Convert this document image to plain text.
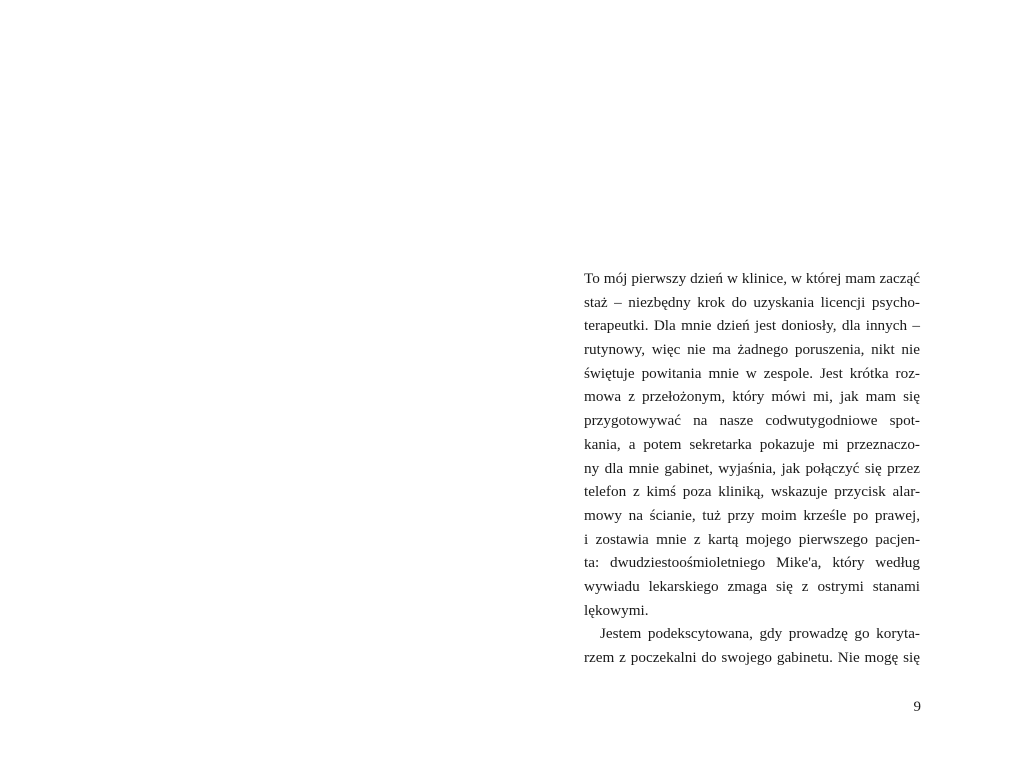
To mój pierwszy dzień w klinice, w której mam zacząć
staż – niezbędny krok do uzyskania licencji psycho-
terapeutki. Dla mnie dzień jest doniosły, dla innych –
rutynowy, więc nie ma żadnego poruszenia, nikt nie
świętuje powitania mnie w zespole. Jest krótka roz-
mowa z przełożonym, który mówi mi, jak mam się
przygotowywać na nasze codwutygodniowe spot-
kania, a potem sekretarka pokazuje mi przeznaczo-
ny dla mnie gabinet, wyjaśnia, jak połączyć się przez
telefon z kimś poza kliniką, wskazuje przycisk alar-
mowy na ścianie, tuż przy moim krześle po prawej,
i zostawia mnie z kartą mojego pierwszego pacjen-
ta: dwudziestoośmioletniego Mike'a, który według
wywiadu lekarskiego zmaga się z ostrymi stanami
lękowymi.
Jestem podekscytowana, gdy prowadzę go koryta-
rzem z poczekalni do swojego gabinetu. Nie mogę się
9
